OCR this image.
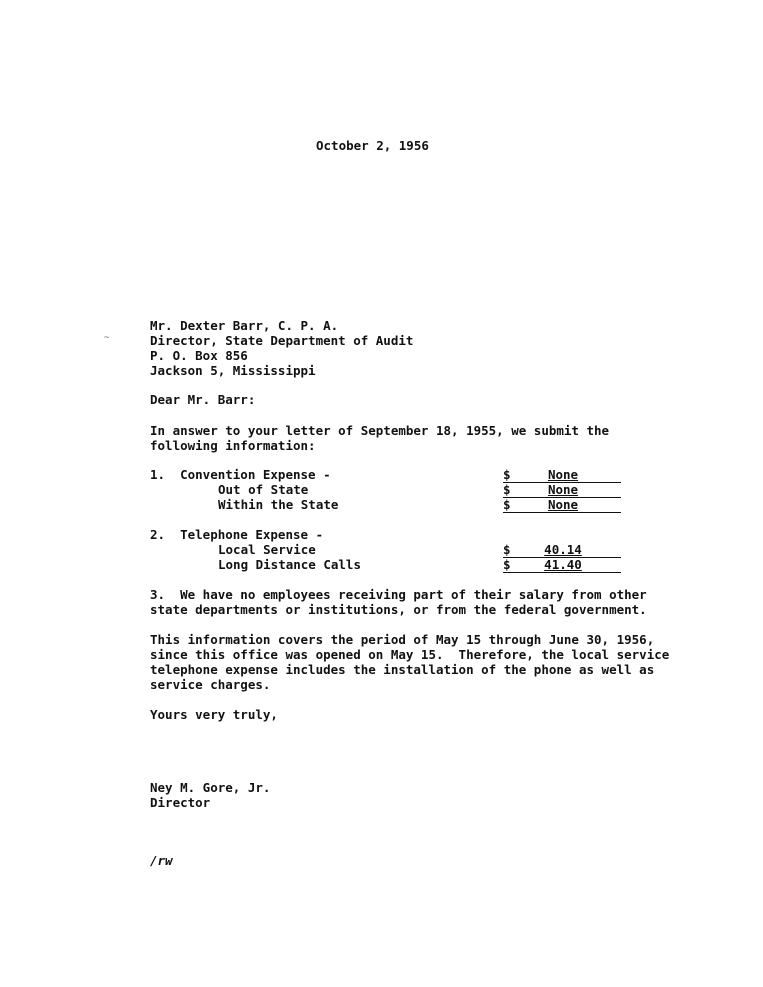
October 2, 1956
~
Mr. Dexter Barr, C. P. A.
Director, State Department of Audit
P. O. Box 856
Jackson 5, Mississippi
Dear Mr. Barr:
In answer to your letter of September 18, 1955, we submit the
following information:
1.  Convention Expense -	$	None
Out of State	$	None
Within the State	$	None
2.  Telephone Expense -
Local Service	$	40.14
Long Distance Calls	$	41.40
3.  We have no employees receiving part of their salary from other
state departments or institutions, or from the federal government.
This information covers the period of May 15 through June 30, 1956,
since this office was opened on May 15.  Therefore, the local service
telephone expense includes the installation of the phone as well as
service charges.
Yours very truly,
Ney M. Gore, Jr.
Director
/rw
